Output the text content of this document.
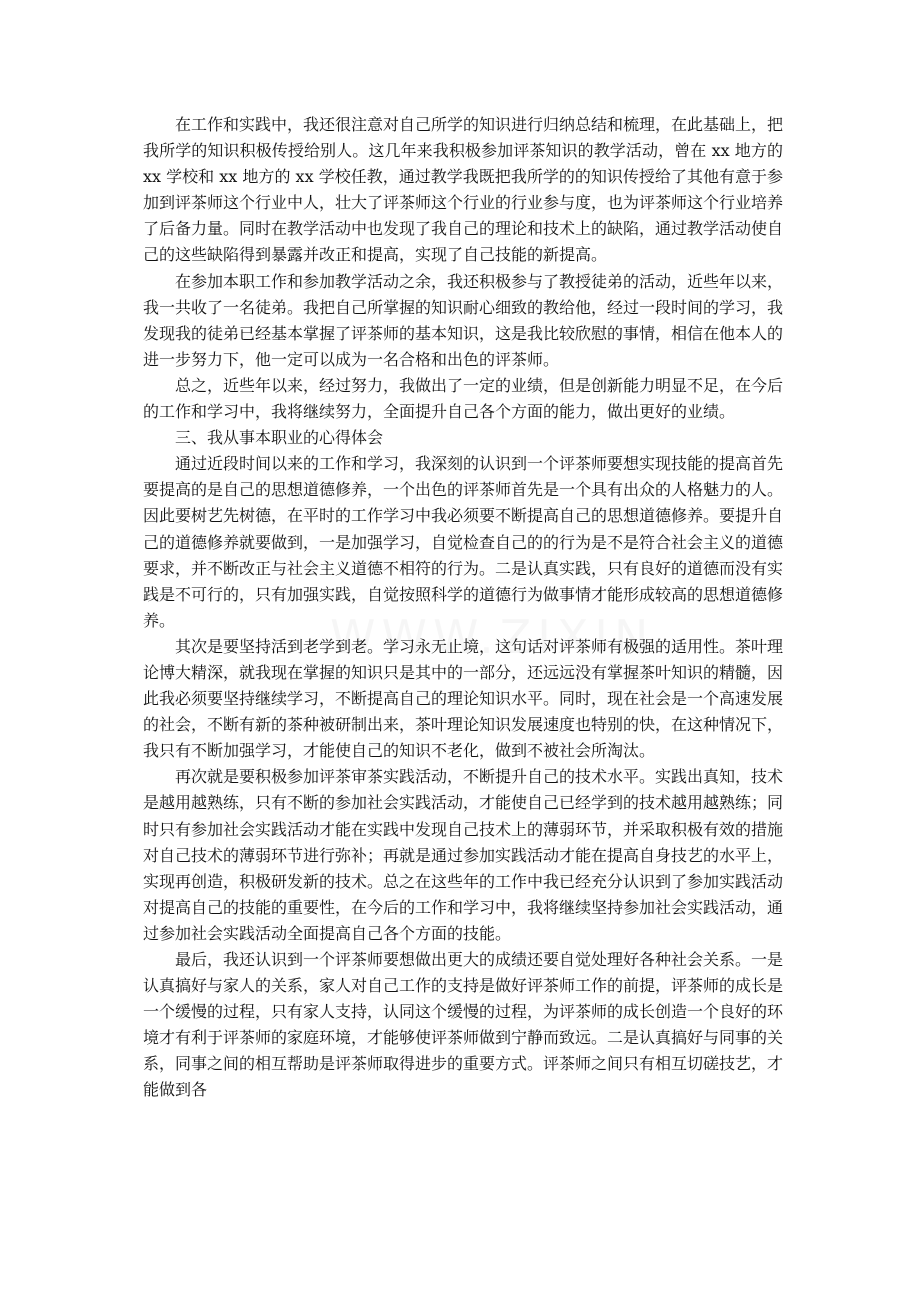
在工作和实践中，我还很注意对自己所学的知识进行归纳总结和梳理，在此基础上，把我所学的知识积极传授给别人。这几年来我积极参加评茶知识的教学活动，曾在 xx 地方的 xx 学校和 xx 地方的 xx 学校任教，通过教学我既把我所学的的知识传授给了其他有意于参加到评茶师这个行业中人，壮大了评茶师这个行业的行业参与度，也为评茶师这个行业培养了后备力量。同时在教学活动中也发现了我自己的理论和技术上的缺陷，通过教学活动使自己的这些缺陷得到暴露并改正和提高，实现了自己技能的新提高。

在参加本职工作和参加教学活动之余，我还积极参与了教授徒弟的活动，近些年以来，我一共收了一名徒弟。我把自己所掌握的知识耐心细致的教给他，经过一段时间的学习，我发现我的徒弟已经基本掌握了评茶师的基本知识，这是我比较欣慰的事情，相信在他本人的进一步努力下，他一定可以成为一名合格和出色的评茶师。

总之，近些年以来，经过努力，我做出了一定的业绩，但是创新能力明显不足，在今后的工作和学习中，我将继续努力，全面提升自己各个方面的能力，做出更好的业绩。

三、我从事本职业的心得体会

通过近段时间以来的工作和学习，我深刻的认识到一个评茶师要想实现技能的提高首先要提高的是自己的思想道德修养，一个出色的评茶师首先是一个具有出众的人格魅力的人。因此要树艺先树德，在平时的工作学习中我必须要不断提高自己的思想道德修养。要提升自己的道德修养就要做到，一是加强学习，自觉检查自己的的行为是不是符合社会主义的道德要求，并不断改正与社会主义道德不相符的行为。二是认真实践，只有良好的道德而没有实践是不可行的，只有加强实践，自觉按照科学的道德行为做事情才能形成较高的思想道德修养。

其次是要坚持活到老学到老。学习永无止境，这句话对评茶师有极强的适用性。茶叶理论博大精深，就我现在掌握的知识只是其中的一部分，还远远没有掌握茶叶知识的精髓，因此我必须要坚持继续学习，不断提高自己的理论知识水平。同时，现在社会是一个高速发展的社会，不断有新的茶种被研制出来，茶叶理论知识发展速度也特别的快，在这种情况下，我只有不断加强学习，才能使自己的知识不老化，做到不被社会所淘汰。

再次就是要积极参加评茶审茶实践活动，不断提升自己的技术水平。实践出真知，技术是越用越熟练，只有不断的参加社会实践活动，才能使自己已经学到的技术越用越熟练；同时只有参加社会实践活动才能在实践中发现自己技术上的薄弱环节，并采取积极有效的措施对自己技术的薄弱环节进行弥补；再就是通过参加实践活动才能在提高自身技艺的水平上，实现再创造，积极研发新的技术。总之在这些年的工作中我已经充分认识到了参加实践活动对提高自己的技能的重要性，在今后的工作和学习中，我将继续坚持参加社会实践活动，通过参加社会实践活动全面提高自己各个方面的技能。

最后，我还认识到一个评茶师要想做出更大的成绩还要自觉处理好各种社会关系。一是认真搞好与家人的关系，家人对自己工作的支持是做好评茶师工作的前提，评茶师的成长是一个缓慢的过程，只有家人支持，认同这个缓慢的过程，为评茶师的成长创造一个良好的环境才有利于评茶师的家庭环境，才能够使评茶师做到宁静而致远。二是认真搞好与同事的关系，同事之间的相互帮助是评茶师取得进步的重要方式。评茶师之间只有相互切磋技艺，才能做到各
